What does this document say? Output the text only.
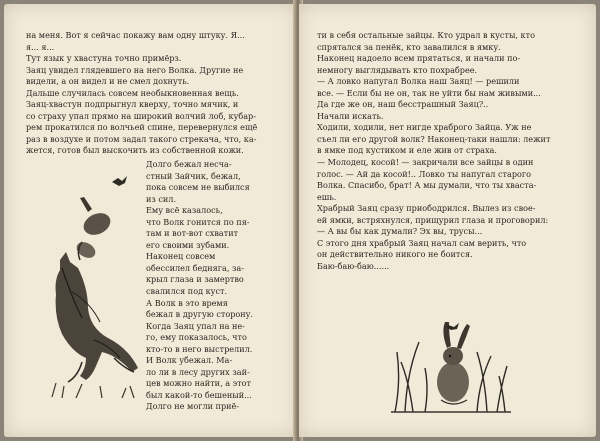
на меня. Вот я сейчас покажу вам одну штуку. Я...

я... я...

Тут язык у хвастуна точно примёрз.

Заяц увидел глядевшего на него Волка. Другие не

видели, а он видел и не смел дохнуть.

Дальше случилась совсем необыкновенная вещь.

Заяц-хвастун подпрыгнул кверху, точно мячик, и

со страху упал прямо на широкий волчий лоб, кубар-

рем прокатился по волчьей спине, перевернулся ещё

раз в воздухе и потом задал такого стрекача, что, ка-

жется, готов был выскочить из собственной кожи.

Долго бежал несча-

стный Зайчик, бежал,

пока совсем не выбился

из сил.

Ему всё казалось,

что Волк гонится по пя-

там и вот-вот схватит

его своими зубами.

Наконец совсем

обессилел бедняга, за-

крыл глаза и замертво

свалился под куст.

А Волк в это время

бежал в другую сторону.

Когда Заяц упал на не-

го, ему показалось, что

кто-то в него выстрелил.

И Волк убежал. Ма-

ло ли в лесу других зай-

цев можно найти, а этот

был какой-то бешеный...

Долго не могли приё-

ти в себя остальные зайцы. Кто удрал в кусты, кто

спрятался за пенёк, кто завалился в ямку.

Наконец надоело всем прятаться, и начали по-

немногу выглядывать кто похрабрее.

— А ловко напугал Волка наш Заяц! — решили

все. — Если бы не он, так не уйти бы нам живыми...

Да где же он, наш бесстрашный Заяц?..

Начали искать.

Ходили, ходили, нет нигде храброго Зайца. Уж не

съел ли его другой волк? Наконец-таки нашли: лежит

в ямке под кустиком и еле жив от страха.

— Молодец, косой! — закричали все зайцы в один

голос. — Ай да косой!.. Ловко ты напугал старого

Волка. Спасибо, брат! А мы думали, что ты хваста-

ешь.

Храбрый Заяц сразу приободрился. Вылез из свое-

ей ямки, встряхнулся, прищурил глаза и проговорил:

— А вы бы как думали? Эх вы, трусы...

С этого дня храбрый Заяц начал сам верить, что

он действительно никого не боится.

Баю-баю-баю......
